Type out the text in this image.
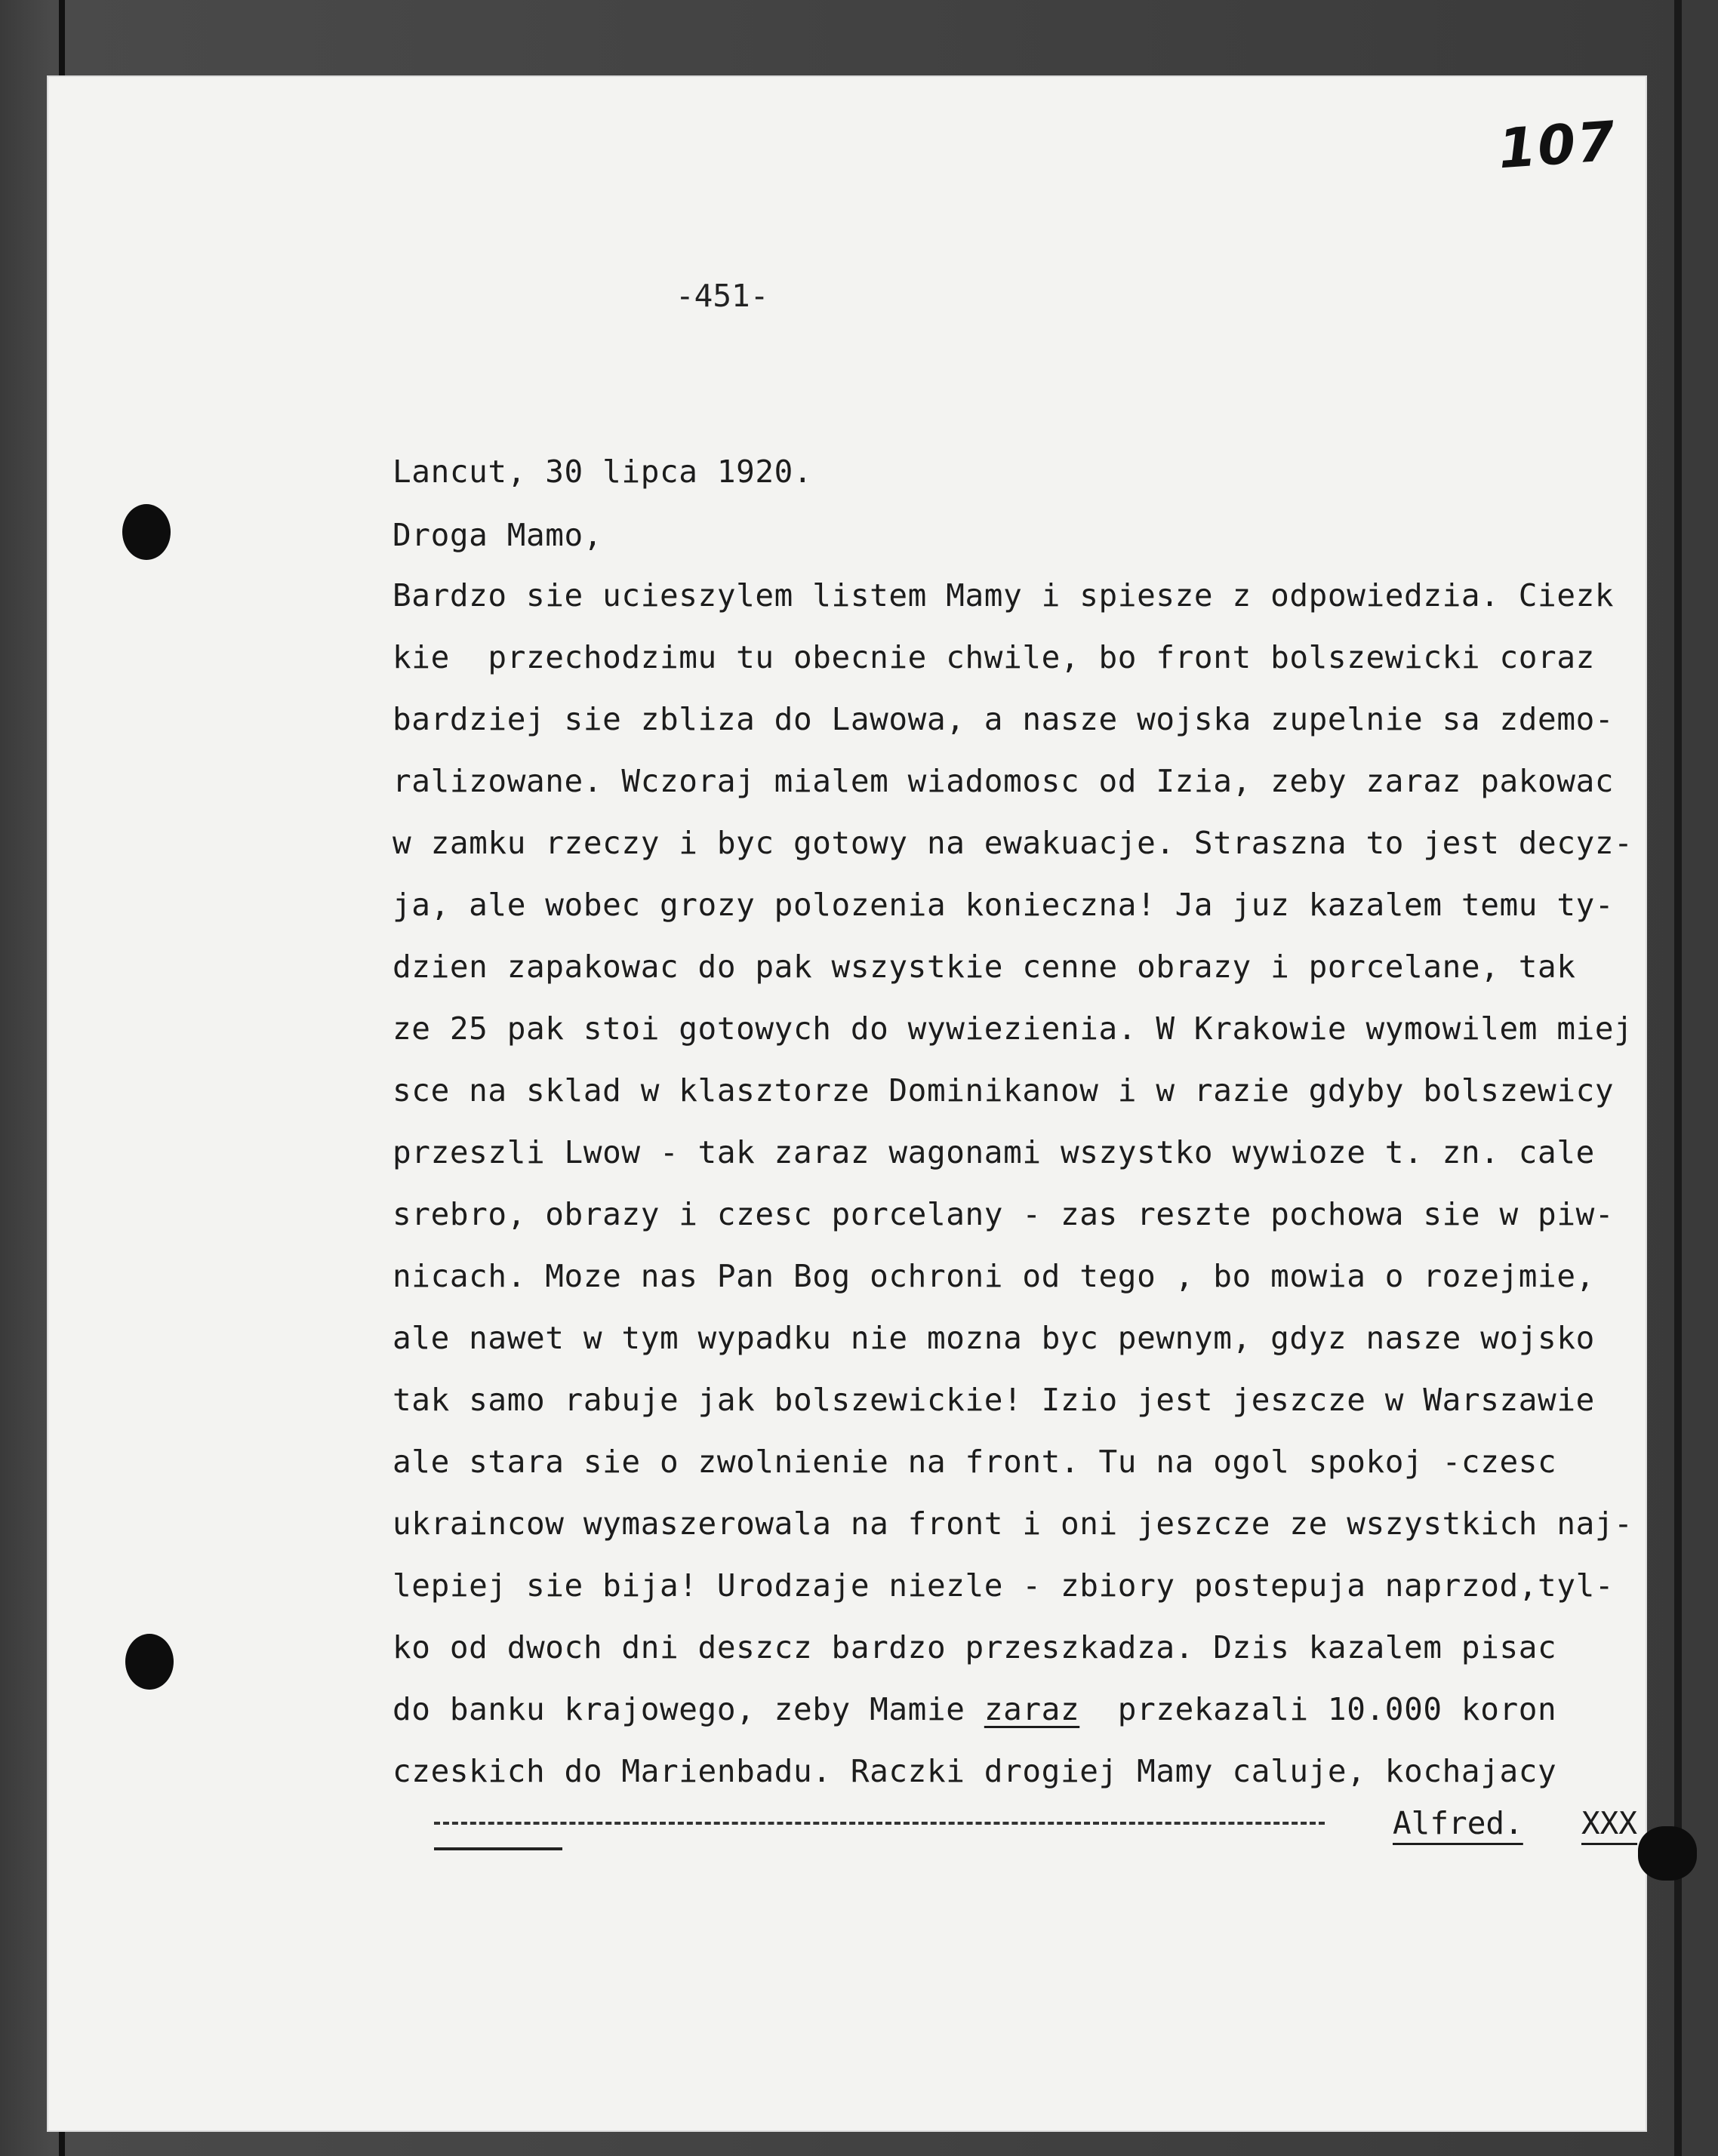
107
-451-
Lancut, 30 lipca 1920.
Droga Mamo,
Bardzo sie ucieszylem listem Mamy i spiesze z odpowiedzia. Ciezk
kie  przechodzimu tu obecnie chwile, bo front bolszewicki coraz
bardziej sie zbliza do Lawowa, a nasze wojska zupelnie sa zdemo-
ralizowane. Wczoraj mialem wiadomosc od Izia, zeby zaraz pakowac
w zamku rzeczy i byc gotowy na ewakuacje. Straszna to jest decyz-
ja, ale wobec grozy polozenia konieczna! Ja juz kazalem temu ty-
dzien zapakowac do pak wszystkie cenne obrazy i porcelane, tak
ze 25 pak stoi gotowych do wywiezienia. W Krakowie wymowilem miej
sce na sklad w klasztorze Dominikanow i w razie gdyby bolszewicy
przeszli Lwow - tak zaraz wagonami wszystko wywioze t. zn. cale
srebro, obrazy i czesc porcelany - zas reszte pochowa sie w piw-
nicach. Moze nas Pan Bog ochroni od tego , bo mowia o rozejmie,
ale nawet w tym wypadku nie mozna byc pewnym, gdyz nasze wojsko
tak samo rabuje jak bolszewickie! Izio jest jeszcze w Warszawie
ale stara sie o zwolnienie na front. Tu na ogol spokoj -czesc
ukraincow wymaszerowala na front i oni jeszcze ze wszystkich naj-
lepiej sie bija! Urodzaje niezle - zbiory postepuja naprzod,tyl-
ko od dwoch dni deszcz bardzo przeszkadza. Dzis kazalem pisac
do banku krajowego, zeby Mamie zaraz  przekazali 10.000 koron
czeskich do Marienbadu. Raczki drogiej Mamy caluje, kochajacy

Alfred.

XXX
